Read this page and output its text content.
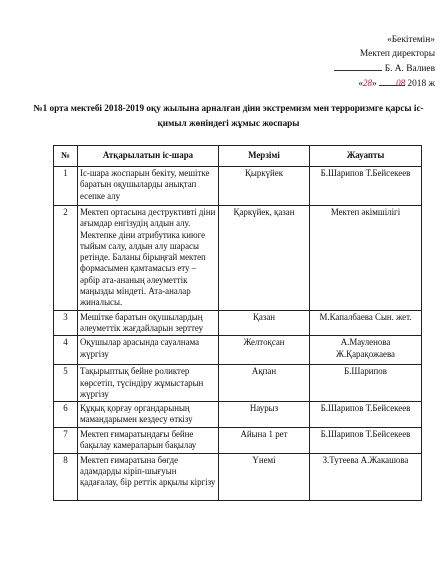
«Бекітемін»
Мектеп директоры
Б. А. Валиев
«28» 08 2018 ж
№1 орта мектебі 2018-2019 оқу жылына арналған діни экстремизм мен терроризмге қарсы іс-қимыл жөніндегі жұмыс жоспары
№	Атқарылатын іс-шара	Мерзімі	Жауапты
1	Іс-шара жоспарын бекіту, мешітке баратын оқушыларды анықтап есепке алу	Қыркүйек	Б.Шарипов Т.Бейсекеев
2	Мектеп ортасына деструктивті діни ағымдар енгізудің алдын алу. Мектепке діни атрибутика киюге тыйым салу, алдын алу шарасы ретінде. Баланы бірыңғай мектеп формасымен қамтамасыз ету – әрбір ата-ананың әлеуметтік маңызды міндеті. Ата-аналар жиналысы.	Қаркүйек, қазан	Мектеп әкімшілігі
3	Мешітке баратын оқушылардың әлеуметтік жағдайларын зерттеу	Қазан	М.Капалбаева Сын. жет.
4	Оқушылар арасында сауалнама жүргізу	Желтоқсан	А.Мауленова Ж.Қарақожаева
5	Тақырыптық бейне роликтер көрсетіп, түсіндіру жұмыстарын жүргізу	Ақпан	Б.Шарипов
6	Құқық қорғау органдарының мамандарымен кездесу өткізу	Наурыз	Б.Шарипов Т.Бейсекеев
7	Мектеп ғимаратындағы бейне бақылау камераларын бақылау	Айына 1 рет	Б.Шарипов Т.Бейсекеев
8	Мектеп ғимаратына бөгде адамдарды кіріп-шығуын қадағалау, бір реттік арқылы кіргізу	Үнемі	З.Тутеева А.Жакашова
